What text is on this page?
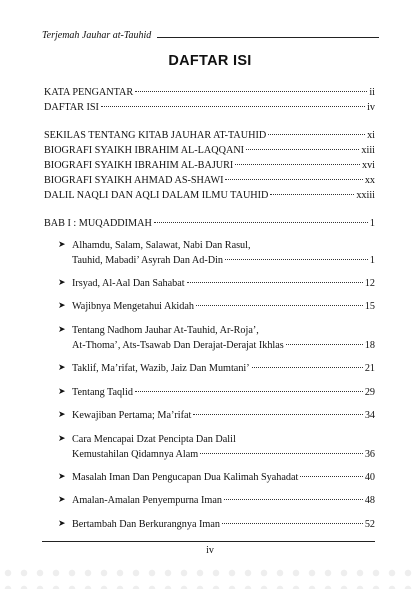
Terjemah Jauhar at-Tauhid
DAFTAR ISI
KATA PENGANTAR	ii
DAFTAR ISI	iv
SEKILAS TENTANG KITAB JAUHAR AT-TAUHID	xi
BIOGRAFI SYAIKH IBRAHIM AL-LAQQANI	xiii
BIOGRAFI SYAIKH IBRAHIM AL-BAJURI	xvi
BIOGRAFI SYAIKH AHMAD AS-SHAWI	xx
DALIL NAQLI DAN AQLI DALAM ILMU TAUHID	xxiii
BAB I : MUQADDIMAH	1
➤ Alhamdu, Salam, Salawat, Nabi Dan Rasul,
Tauhid, Mabadi’ Asyrah Dan Ad-Din	1
➤ Irsyad, Al-Aal Dan Sahabat	12
➤ Wajibnya Mengetahui Akidah	15
➤ Tentang Nadhom Jauhar At-Tauhid, Ar-Roja’,
At-Thoma’, Ats-Tsawab Dan Derajat-Derajat Ikhlas	18
➤ Taklif, Ma’rifat, Wazib, Jaiz Dan Mumtani’	21
➤ Tentang Taqlid	29
➤ Kewajiban Pertama; Ma’rifat	34
➤ Cara Mencapai Dzat Pencipta Dan Dalil
Kemustahilan Qidamnya Alam	36
➤ Masalah Iman Dan Pengucapan Dua Kalimah Syahadat	40
➤ Amalan-Amalan Penyempurna Iman	48
➤ Bertambah Dan Berkurangnya Iman	52
iv
